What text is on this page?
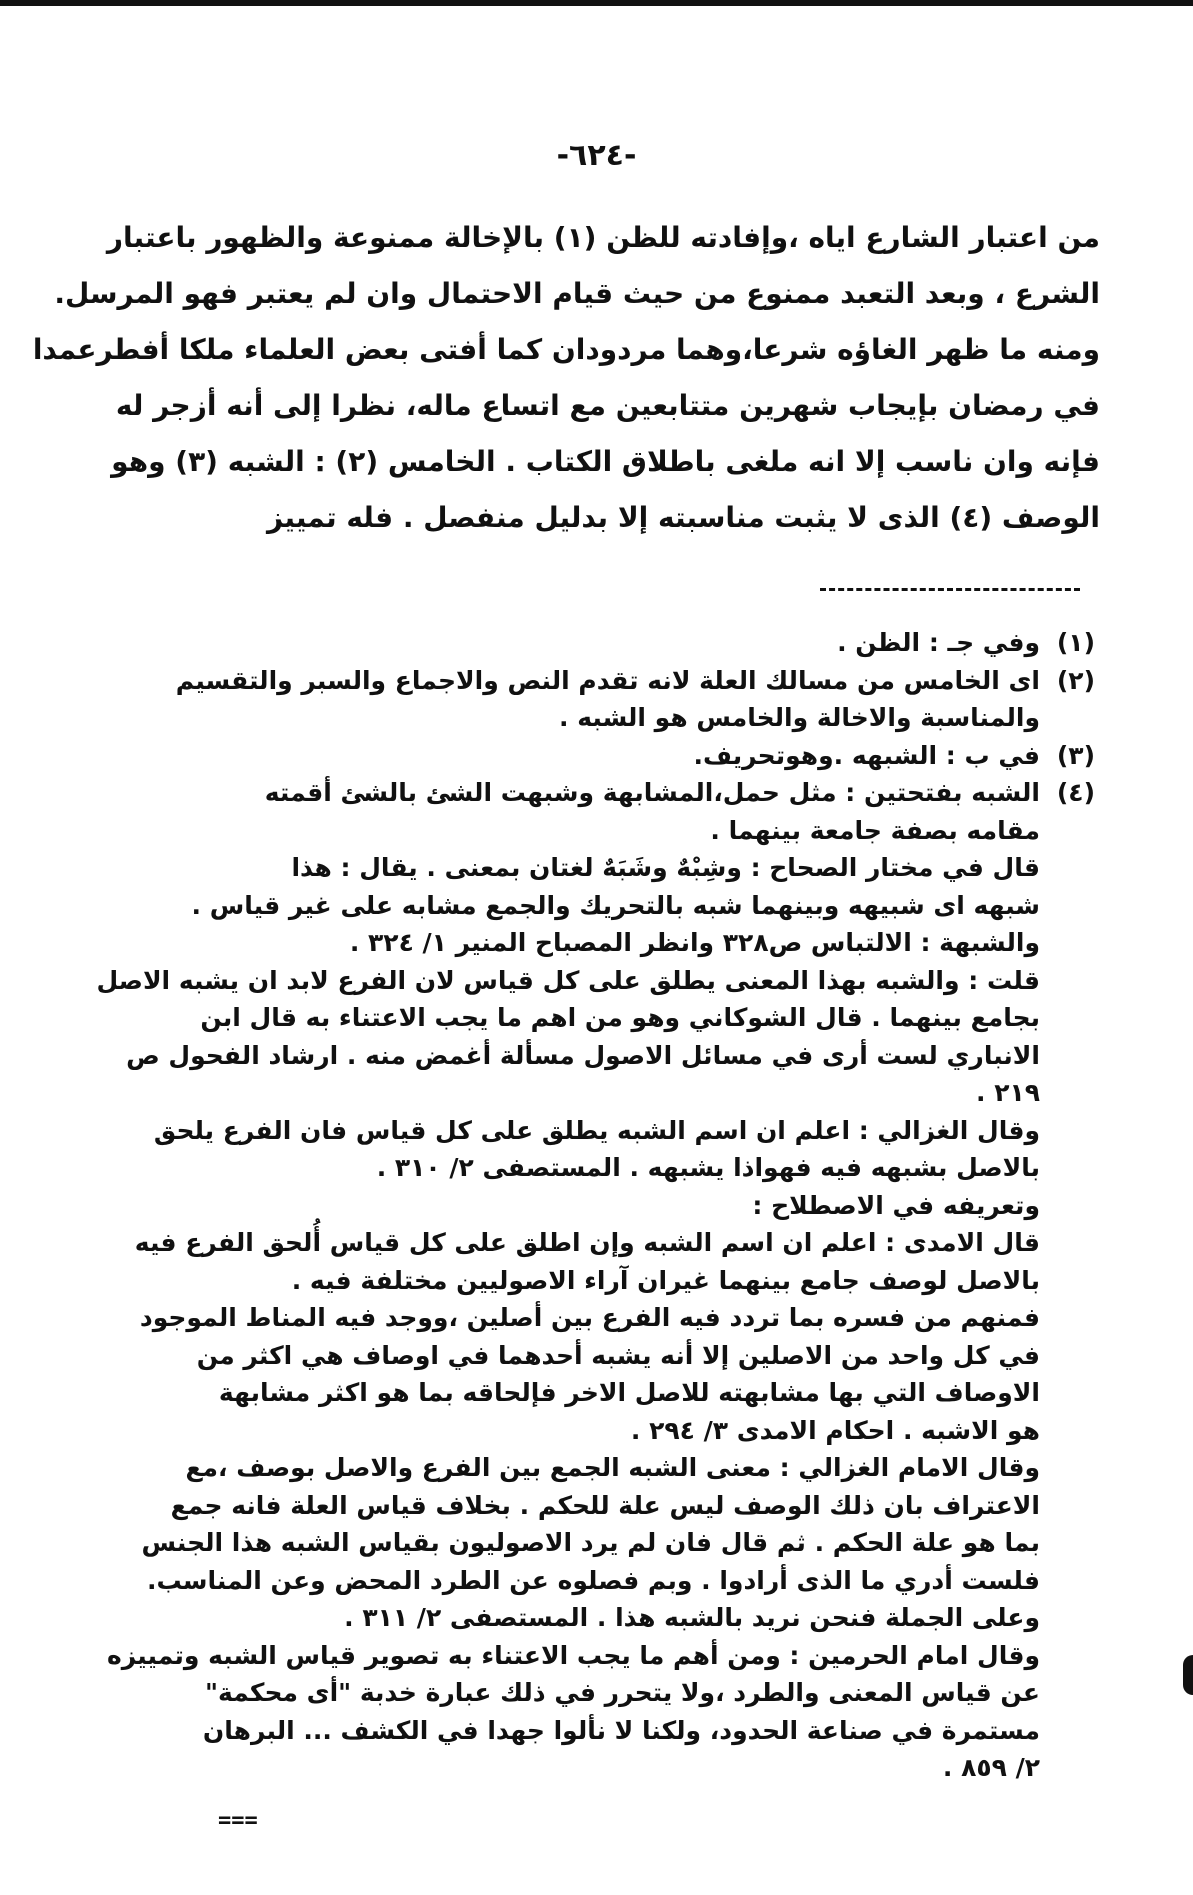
-٦٢٤-
من اعتبار الشارع اياه ،وإفادته للظن (١) بالإخالة ممنوعة والظهور باعتبار
الشرع ، وبعد التعبد ممنوع من حيث قيام الاحتمال وان لم يعتبر فهو المرسل.
ومنه ما ظهر الغاؤه شرعا،وهما مردودان كما أفتى بعض العلماء ملكا أفطرعمدا
في رمضان بإيجاب شهرين متتابعين مع اتساع ماله، نظرا إلى أنه أزجر له
فإنه وان ناسب إلا انه ملغى باطلاق الكتاب . الخامس (٢) : الشبه (٣) وهو
الوصف (٤) الذى لا يثبت مناسبته إلا بدليل منفصل . فله تمييز
(١)وفي جـ : الظن .
(٢)اى الخامس من مسالك العلة لانه تقدم النص والاجماع والسبر والتقسيم
والمناسبة والاخالة والخامس هو الشبه .
(٣)في ب : الشبهه .وهوتحريف.
(٤)الشبه بفتحتين : مثل حمل،المشابهة وشبهت الشئ بالشئ أقمته
مقامه بصفة جامعة بينهما .
قال في مختار الصحاح : وشِبْهٌ وشَبَهٌ لغتان بمعنى . يقال : هذا
شبهه اى شبيهه وبينهما شبه بالتحريك والجمع مشابه على غير قياس .
والشبهة : الالتباس ص٣٢٨ وانظر المصباح المنير ١/ ٣٢٤ .
قلت : والشبه بهذا المعنى يطلق على كل قياس لان الفرع لابد ان يشبه الاصل
بجامع بينهما . قال الشوكاني وهو من اهم ما يجب الاعتناء به قال ابن
الانباري لست أرى في مسائل الاصول مسألة أغمض منه . ارشاد الفحول ص
٢١٩ .
وقال الغزالي : اعلم ان اسم الشبه يطلق على كل قياس فان الفرع يلحق
بالاصل بشبهه فيه فهواذا يشبهه . المستصفى ٢/ ٣١٠ .
وتعريفه في الاصطلاح :
قال الامدى : اعلم ان اسم الشبه وإن اطلق على كل قياس أُلحق الفرع فيه
بالاصل لوصف جامع بينهما غيران آراء الاصوليين مختلفة فيه .
فمنهم من فسره بما تردد فيه الفرع بين أصلين ،ووجد فيه المناط الموجود
في كل واحد من الاصلين إلا أنه يشبه أحدهما في اوصاف هي اكثر من
الاوصاف التي بها مشابهته للاصل الاخر فإلحاقه بما هو اكثر مشابهة
هو الاشبه . احكام الامدى ٣/ ٢٩٤ .
وقال الامام الغزالي : معنى الشبه الجمع بين الفرع والاصل بوصف ،مع
الاعتراف بان ذلك الوصف ليس علة للحكم . بخلاف قياس العلة فانه جمع
بما هو علة الحكم . ثم قال فان لم يرد الاصوليون بقياس الشبه هذا الجنس
فلست أدري ما الذى أرادوا . وبم فصلوه عن الطرد المحض وعن المناسب.
وعلى الجملة فنحن نريد بالشبه هذا . المستصفى ٢/ ٣١١ .
وقال امام الحرمين : ومن أهم ما يجب الاعتناء به تصوير قياس الشبه وتمييزه
عن قياس المعنى والطرد ،ولا يتحرر في ذلك عبارة خدبة "أى محكمة"
مستمرة في صناعة الحدود، ولكنا لا نألوا جهدا في الكشف ... البرهان
٢/ ٨٥٩ .
===
